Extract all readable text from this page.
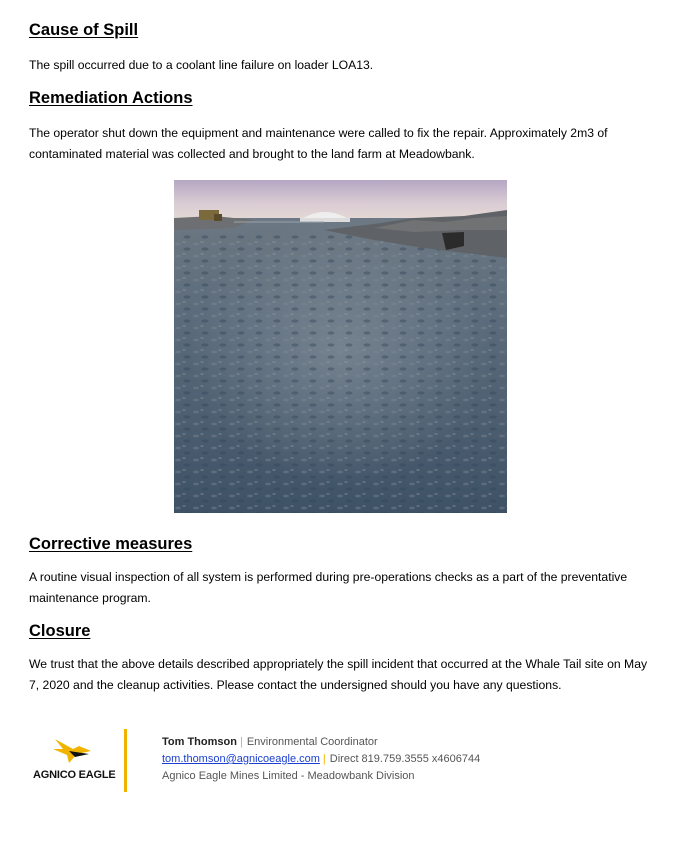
Cause of Spill

The spill occurred due to a coolant line failure on loader LOA13.

Remediation Actions

The operator shut down the equipment and maintenance were called to fix the repair. Approximately 2m3 of contaminated material was collected and brought to the land farm at Meadowbank.

Corrective measures

A routine visual inspection of all system is performed during pre-operations checks as a part of the preventative maintenance program.

Closure

We trust that the above details described appropriately the spill incident that occurred at the Whale Tail site on May 7, 2020 and the cleanup activities. Please contact the undersigned should you have any questions.

AGNICO EAGLE
Tom Thomson | Environmental Coordinator
tom.thomson@agnicoeagle.com | Direct 819.759.3555 x4606744
Agnico Eagle Mines Limited - Meadowbank Division
